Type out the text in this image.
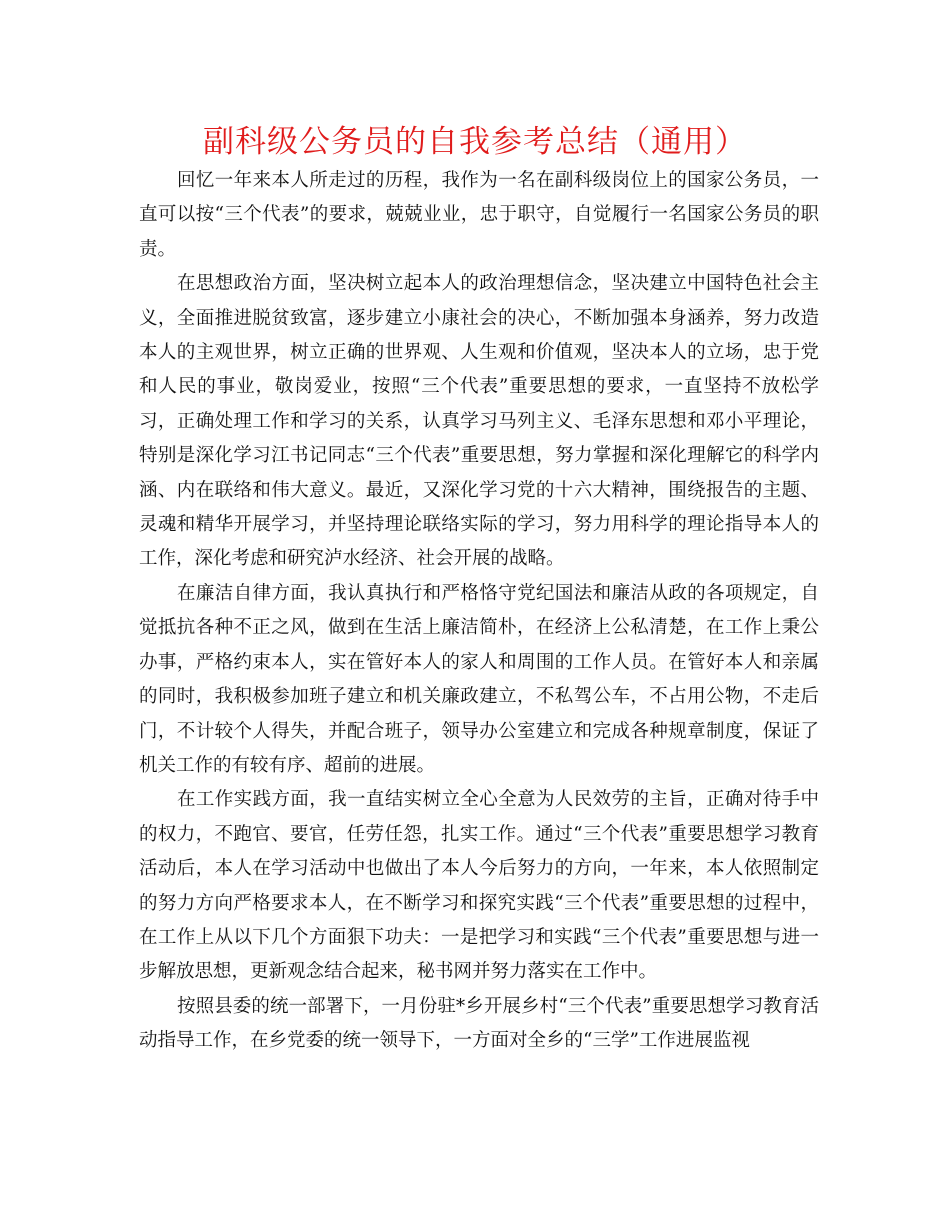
副科级公务员的自我参考总结（通用）

回忆一年来本人所走过的历程，我作为一名在副科级岗位上的国家公务员，一直可以按“三个代表”的要求，兢兢业业，忠于职守，自觉履行一名国家公务员的职责。

在思想政治方面，坚决树立起本人的政治理想信念，坚决建立中国特色社会主义，全面推进脱贫致富，逐步建立小康社会的决心，不断加强本身涵养，努力改造本人的主观世界，树立正确的世界观、人生观和价值观，坚决本人的立场，忠于党和人民的事业，敬岗爱业，按照“三个代表”重要思想的要求，一直坚持不放松学习，正确处理工作和学习的关系，认真学习马列主义、毛泽东思想和邓小平理论，特别是深化学习江书记同志“三个代表”重要思想，努力掌握和深化理解它的科学内涵、内在联络和伟大意义。最近，又深化学习党的十六大精神，围绕报告的主题、灵魂和精华开展学习，并坚持理论联络实际的学习，努力用科学的理论指导本人的工作，深化考虑和研究泸水经济、社会开展的战略。

在廉洁自律方面，我认真执行和严格恪守党纪国法和廉洁从政的各项规定，自觉抵抗各种不正之风，做到在生活上廉洁简朴，在经济上公私清楚，在工作上秉公办事，严格约束本人，实在管好本人的家人和周围的工作人员。在管好本人和亲属的同时，我积极参加班子建立和机关廉政建立，不私驾公车，不占用公物，不走后门，不计较个人得失，并配合班子，领导办公室建立和完成各种规章制度，保证了机关工作的有较有序、超前的进展。

在工作实践方面，我一直结实树立全心全意为人民效劳的主旨，正确对待手中的权力，不跑官、要官，任劳任怨，扎实工作。通过“三个代表”重要思想学习教育活动后，本人在学习活动中也做出了本人今后努力的方向，一年来，本人依照制定的努力方向严格要求本人，在不断学习和探究实践“三个代表”重要思想的过程中，在工作上从以下几个方面狠下功夫：一是把学习和实践“三个代表”重要思想与进一步解放思想，更新观念结合起来，秘书网并努力落实在工作中。

按照县委的统一部署下，一月份驻*乡开展乡村“三个代表”重要思想学习教育活动指导工作，在乡党委的统一领导下，一方面对全乡的“三学”工作进展监视
